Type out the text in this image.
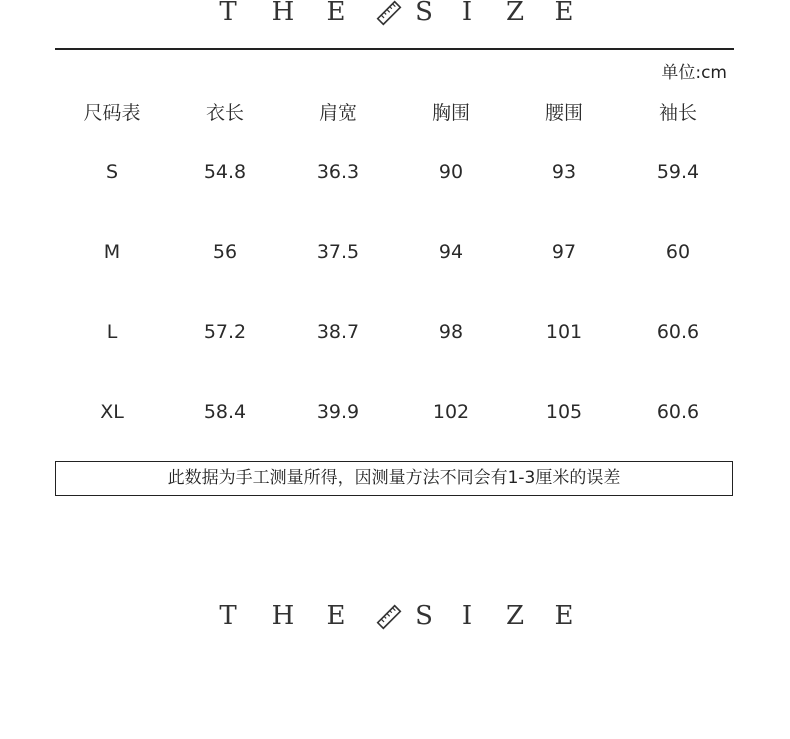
T H E	S I Z E
单位:cm
尺码表	衣长	肩宽	胸围	腰围	袖长
S	54.8	36.3	90	93	59.4
M	56	37.5	94	97	60
L	57.2	38.7	98	101	60.6
XL	58.4	39.9	102	105	60.6
此数据为手工测量所得，因测量方法不同会有1-3厘米的误差
T H E	S I Z E
